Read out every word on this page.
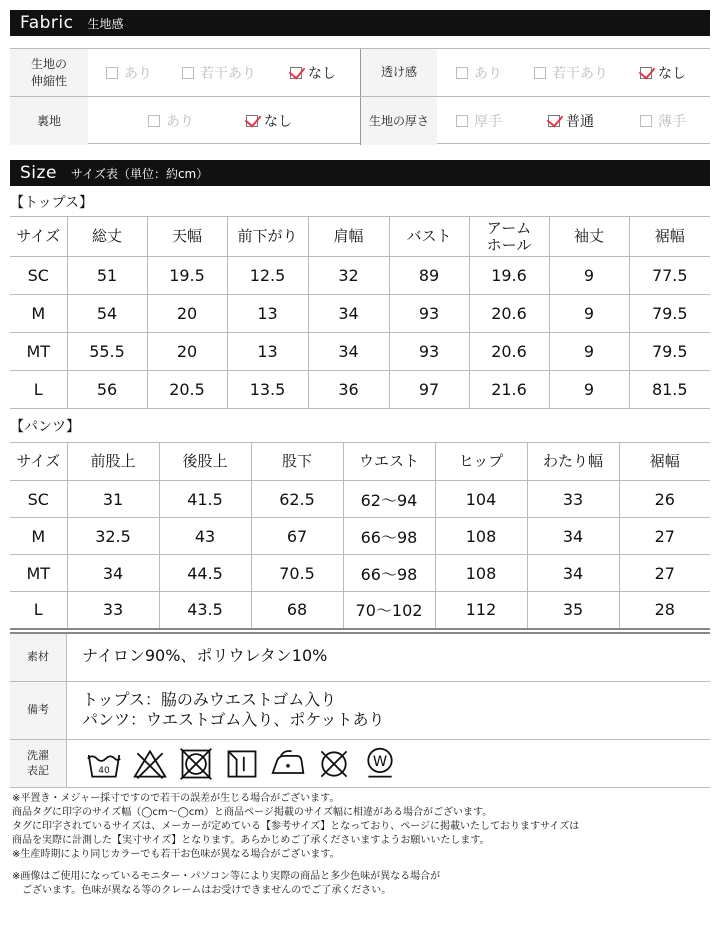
Fabric 生地感
生地の
伸縮性	あり	若干あり	なし	透け感	あり	若干あり	なし
裏地	あり	なし	生地の厚さ	厚手	普通	薄手
Size サイズ表（単位：約cm）
【トップス】
サイズ	総丈	天幅	前下がり	肩幅	バスト	アーム
ホール	袖丈	裾幅
SC	51	19.5	12.5	32	89	19.6	9	77.5
M	54	20	13	34	93	20.6	9	79.5
MT	55.5	20	13	34	93	20.6	9	79.5
L	56	20.5	13.5	36	97	21.6	9	81.5
【パンツ】
サイズ	前股上	後股上	股下	ウエスト	ヒップ	わたり幅	裾幅
SC	31	41.5	62.5	62〜94	104	33	26
M	32.5	43	67	66〜98	108	34	27
MT	34	44.5	70.5	66〜98	108	34	27
L	33	43.5	68	70〜102	112	35	28
素材	ナイロン90%、ポリウレタン10%
備考
トップス：脇のみウエストゴム入り
パンツ：ウエストゴム入り、ポケットあり
洗濯
表記	40
W

※平置き・メジャー採寸ですので若干の誤差が生じる場合がございます。

商品タグに印字のサイズ幅（◯cm〜◯cm）と商品ページ掲載のサイズ幅に相違がある場合がございます。

タグに印字されているサイズは、メーカーが定めている【参考サイズ】となっており、ページに掲載いたしておりますサイズは

商品を実際に計測した【実寸サイズ】となります。あらかじめご了承くださいますようお願いいたします。

※生産時期により同じカラーでも若干お色味が異なる場合がございます。

※画像はご使用になっているモニター・パソコン等により実際の商品と多少色味が異なる場合が

　ございます。色味が異なる等のクレームはお受けできませんのでご了承ください。
